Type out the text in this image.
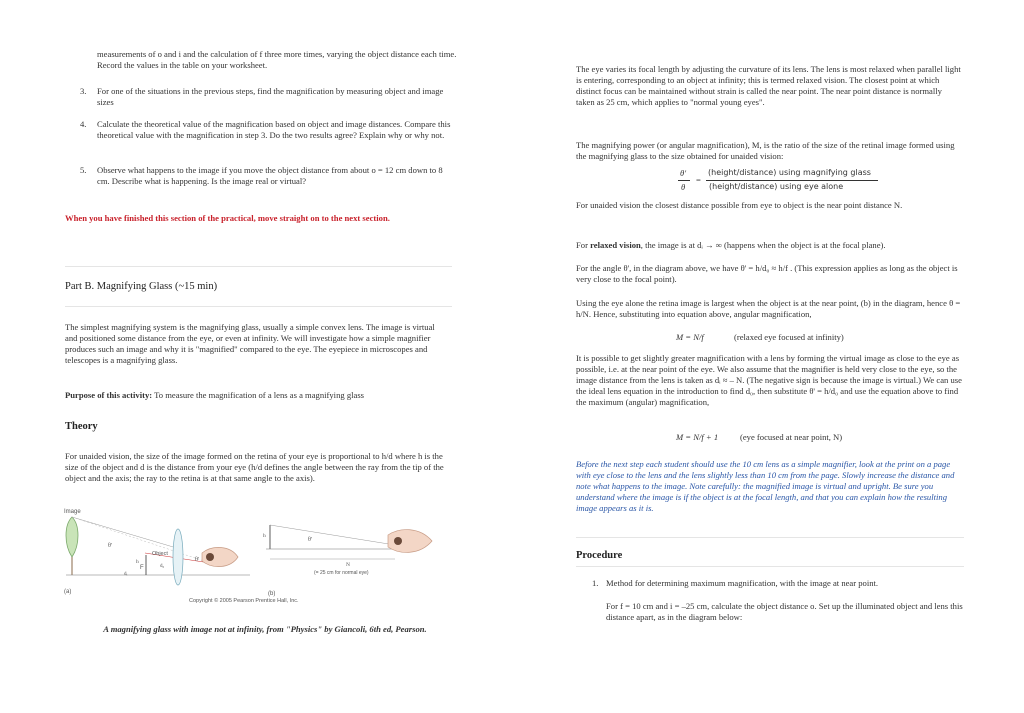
measurements of o and i and the calculation of f three more times, varying the object distance each time. Record the values in the table on your worksheet.
3. For one of the situations in the previous steps, find the magnification by measuring object and image sizes
4. Calculate the theoretical value of the magnification based on object and image distances. Compare this theoretical value with the magnification in step 3. Do the two results agree? Explain why or why not.
5. Observe what happens to the image if you move the object distance from about o = 12 cm down to 8 cm. Describe what is happening. Is the image real or virtual?
When you have finished this section of the practical, move straight on to the next section.
Part B. Magnifying Glass (~15 min)
The simplest magnifying system is the magnifying glass, usually a simple convex lens. The image is virtual and positioned some distance from the eye, or even at infinity. We will investigate how a simple magnifier produces such an image and why it is "magnified" compared to the eye. The eyepiece in microscopes and telescopes is a magnifying glass.
Purpose of this activity: To measure the magnification of a lens as a magnifying glass
Theory
For unaided vision, the size of the image formed on the retina of your eye is proportional to h/d where h is the size of the object and d is the distance from your eye (h/d defines the angle between the ray from the tip of the object and the axis; the ray to the retina is at that same angle to the axis).
Image
Object
F
θ'
θ'
h
d₀
dᵢ
(a)
h
θ'
N
(= 25 cm for normal eye)
(b)
Copyright © 2005 Pearson Prentice Hall, Inc.
A magnifying glass with image not at infinity, from "Physics" by Giancoli, 6th ed, Pearson.
The eye varies its focal length by adjusting the curvature of its lens. The lens is most relaxed when parallel light is entering, corresponding to an object at infinity; this is termed relaxed vision. The closest point at which distinct focus can be maintained without strain is called the near point. The near point distance is normally taken as 25 cm, which applies to "normal young eyes".
The magnifying power (or angular magnification), M, is the ratio of the size of the retinal image formed using the magnifying glass to the size obtained for unaided vision:
θ'
θ
=
(height/distance) using magnifying glass
(height/distance) using eye alone
For unaided vision the closest distance possible from eye to object is the near point distance N.
For relaxed vision, the image is at dᵢ → ∞ (happens when the object is at the focal plane).
For the angle θ', in the diagram above, we have θ' = h/d₀ ≈ h/f . (This expression applies as long as the object is very close to the focal point).
Using the eye alone the retina image is largest when the object is at the near point, (b) in the diagram, hence θ = h/N. Hence, substituting into equation above, angular magnification,
M = N/f	(relaxed eye focused at infinity)
It is possible to get slightly greater magnification with a lens by forming the virtual image as close to the eye as possible, i.e. at the near point of the eye. We also assume that the magnifier is held very close to the eye, so the image distance from the lens is taken as dᵢ ≈ – N. (The negative sign is because the image is virtual.) We can use the ideal lens equation in the introduction to find d₀, then substitute θ' = h/d₀ and use the equation above to find the maximum (angular) magnification,
M = N/f + 1	(eye focused at near point, N)
Before the next step each student should use the 10 cm lens as a simple magnifier, look at the print on a page with eye close to the lens and the lens slightly less than 10 cm from the page. Slowly increase the distance and note what happens to the image. Note carefully: the magnified image is virtual and upright. Be sure you understand where the image is if the object is at the focal length, and that you can explain how the resulting image appears as it is.
Procedure
1. Method for determining maximum magnification, with the image at near point.
For f = 10 cm and i = –25 cm, calculate the object distance o. Set up the illuminated object and lens this distance apart, as in the diagram below:
